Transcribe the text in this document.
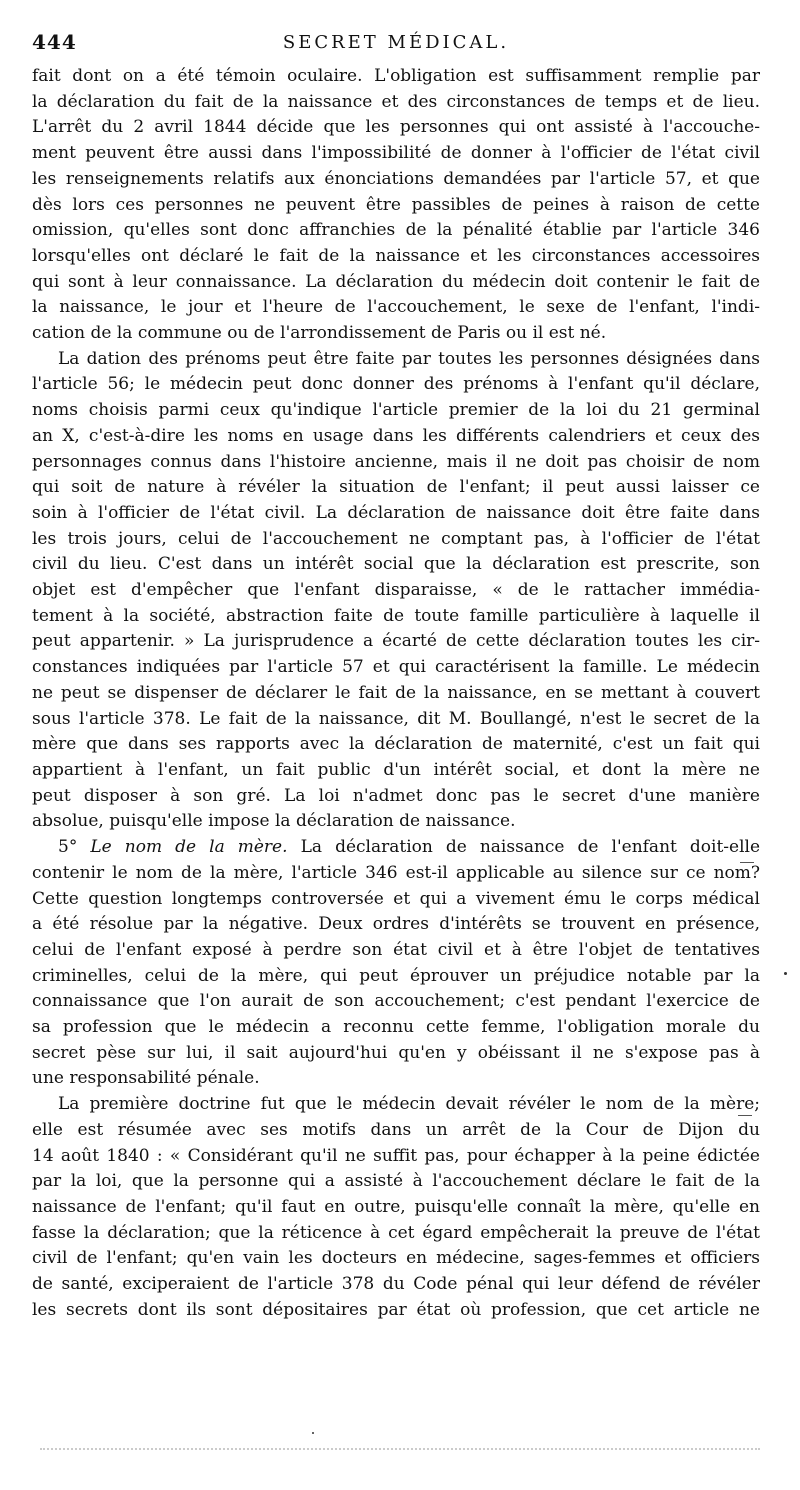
444	SECRET MÉDICAL.

fait dont on a été témoin oculaire. L'obligation est suffisamment remplie par

la déclaration du fait de la naissance et des circonstances de temps et de lieu.

L'arrêt du 2 avril 1844 décide que les personnes qui ont assisté à l'accouche-

ment peuvent être aussi dans l'impossibilité de donner à l'officier de l'état civil

les renseignements relatifs aux énonciations demandées par l'article 57, et que

dès lors ces personnes ne peuvent être passibles de peines à raison de cette

omission, qu'elles sont donc affranchies de la pénalité établie par l'article 346

lorsqu'elles ont déclaré le fait de la naissance et les circonstances accessoires

qui sont à leur connaissance. La déclaration du médecin doit contenir le fait de

la naissance, le jour et l'heure de l'accouchement, le sexe de l'enfant, l'indi-

cation de la commune ou de l'arrondissement de Paris ou il est né.

La dation des prénoms peut être faite par toutes les personnes désignées dans

l'article 56; le médecin peut donc donner des prénoms à l'enfant qu'il déclare,

noms choisis parmi ceux qu'indique l'article premier de la loi du 21 germinal

an X, c'est-à-dire les noms en usage dans les différents calendriers et ceux des

personnages connus dans l'histoire ancienne, mais il ne doit pas choisir de nom

qui soit de nature à révéler la situation de l'enfant; il peut aussi laisser ce

soin à l'officier de l'état civil. La déclaration de naissance doit être faite dans

les trois jours, celui de l'accouchement ne comptant pas, à l'officier de l'état

civil du lieu. C'est dans un intérêt social que la déclaration est prescrite, son

objet est d'empêcher que l'enfant disparaisse, « de le rattacher immédia-

tement à la société, abstraction faite de toute famille particulière à laquelle il

peut appartenir. » La jurisprudence a écarté de cette déclaration toutes les cir-

constances indiquées par l'article 57 et qui caractérisent la famille. Le médecin

ne peut se dispenser de déclarer le fait de la naissance, en se mettant à couvert

sous l'article 378. Le fait de la naissance, dit M. Boullangé, n'est le secret de la

mère que dans ses rapports avec la déclaration de maternité, c'est un fait qui

appartient à l'enfant, un fait public d'un intérêt social, et dont la mère ne

peut disposer à son gré. La loi n'admet donc pas le secret d'une manière

absolue, puisqu'elle impose la déclaration de naissance.

5° Le nom de la mère. La déclaration de naissance de l'enfant doit-elle

contenir le nom de la mère, l'article 346 est-il applicable au silence sur ce nom?

Cette question longtemps controversée et qui a vivement ému le corps médical

a été résolue par la négative. Deux ordres d'intérêts se trouvent en présence,

celui de l'enfant exposé à perdre son état civil et à être l'objet de tentatives

criminelles, celui de la mère, qui peut éprouver un préjudice notable par la

connaissance que l'on aurait de son accouchement; c'est pendant l'exercice de

sa profession que le médecin a reconnu cette femme, l'obligation morale du

secret pèse sur lui, il sait aujourd'hui qu'en y obéissant il ne s'expose pas à

une responsabilité pénale.

La première doctrine fut que le médecin devait révéler le nom de la mère;

elle est résumée avec ses motifs dans un arrêt de la Cour de Dijon du

14 août 1840 : « Considérant qu'il ne suffit pas, pour échapper à la peine édictée

par la loi, que la personne qui a assisté à l'accouchement déclare le fait de la

naissance de l'enfant; qu'il faut en outre, puisqu'elle connaît la mère, qu'elle en

fasse la déclaration; que la réticence à cet égard empêcherait la preuve de l'état

civil de l'enfant; qu'en vain les docteurs en médecine, sages-femmes et officiers

de santé, exciperaient de l'article 378 du Code pénal qui leur défend de révéler

les secrets dont ils sont dépositaires par état où profession, que cet article ne
